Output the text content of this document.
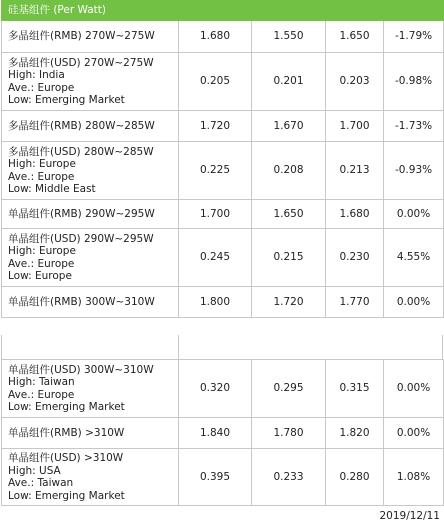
硅基组件 (Per Watt)				

多晶组件(RMB) 270W~275W	1.680	1.550	1.650	-1.79%

多晶组件(USD) 270W~275W
High: India
Ave.: Europe
Low: Emerging Market	0.205	0.201	0.203	-0.98%

多晶组件(RMB) 280W~285W	1.720	1.670	1.700	-1.73%

多晶组件(USD) 280W~285W
High: Europe
Ave.: Europe
Low: Middle East	0.225	0.208	0.213	-0.93%

单晶组件(RMB) 290W~295W	1.700	1.650	1.680	0.00%

单晶组件(USD) 290W~295W
High: Europe
Ave.: Europe
Low: Europe	0.245	0.215	0.230	4.55%

单晶组件(RMB) 300W~310W	1.800	1.720	1.770	0.00%
单晶组件(USD) 300W~310W
High: Taiwan
Ave.: Europe
Low: Emerging Market	0.320	0.295	0.315	0.00%

单晶组件(RMB) >310W	1.840	1.780	1.820	0.00%

单晶组件(USD) >310W
High: USA
Ave.: Taiwan
Low: Emerging Market	0.395	0.233	0.280	1.08%
2019/12/11
